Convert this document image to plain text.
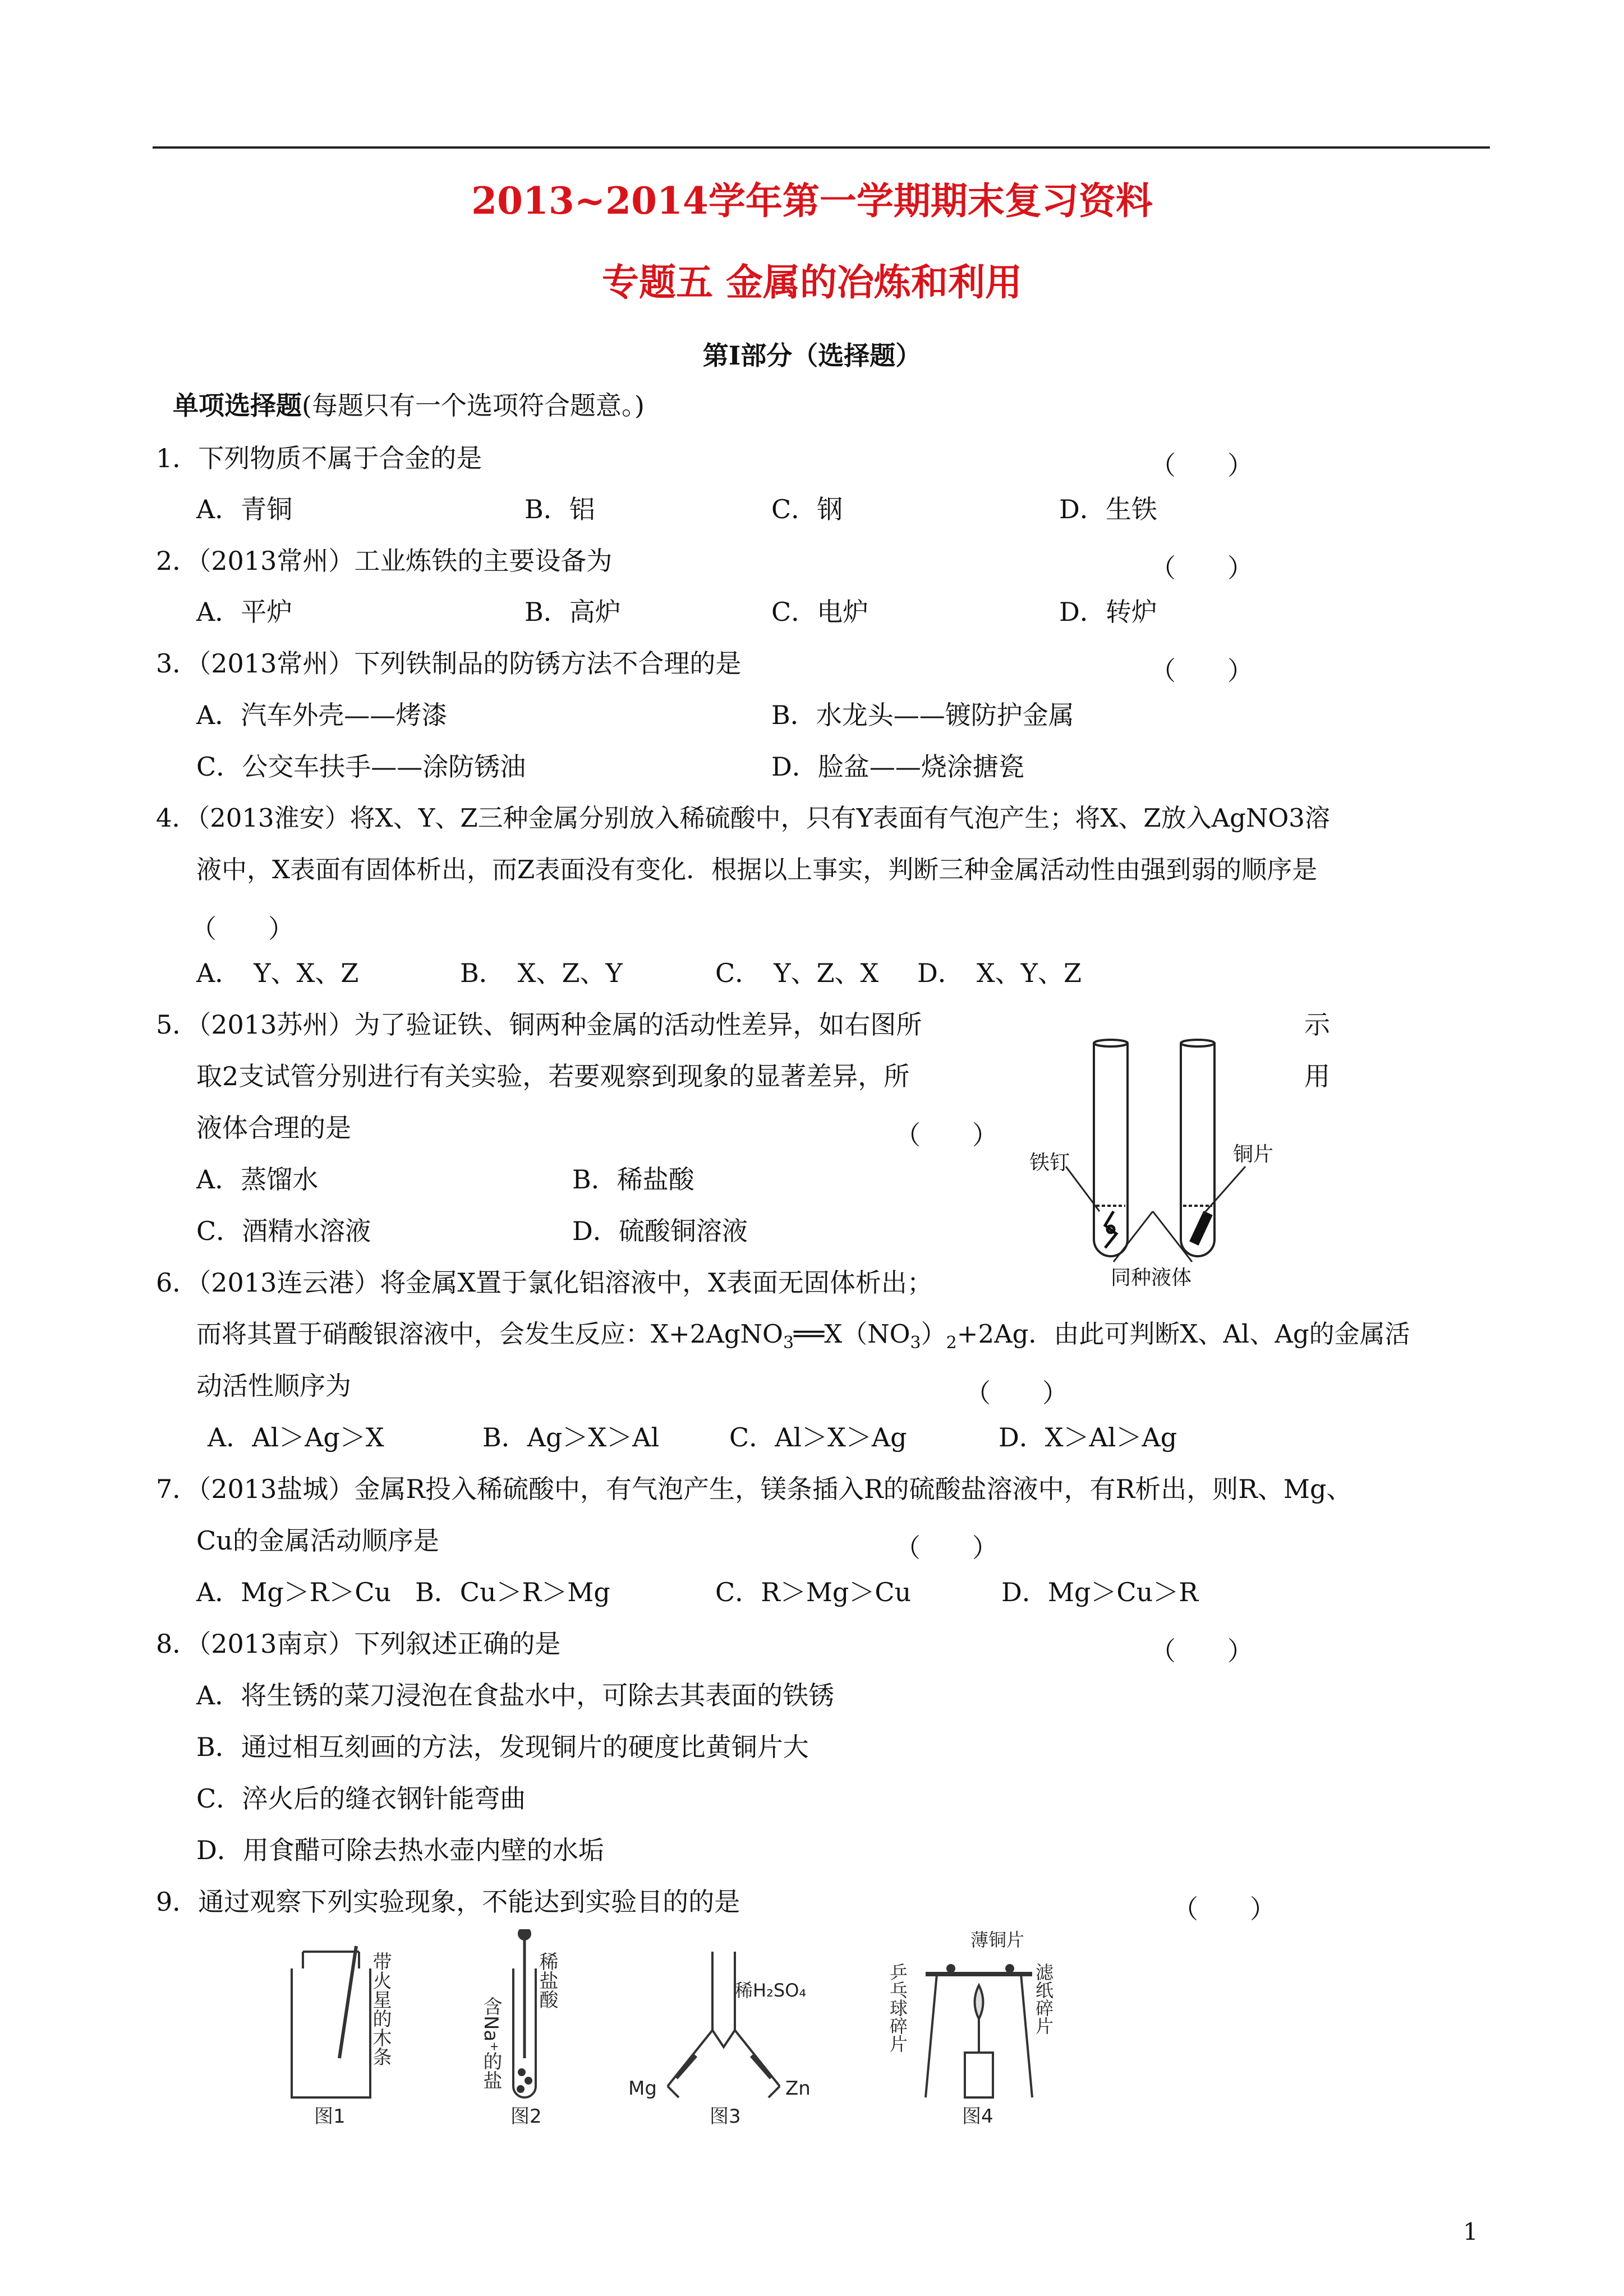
2013~2014学年第一学期期末复习资料
专题五 金属的冶炼和利用
第Ⅰ部分（选择题）
单项选择题(每题只有一个选项符合题意。)
1．下列物质不属于合金的是	（　　）
A．青铜	B．铝	C．钢	D．生铁
2．（2013常州）工业炼铁的主要设备为	（　　）
A．平炉	B．高炉	C．电炉	D．转炉
3．（2013常州）下列铁制品的防锈方法不合理的是	（　　）
A．汽车外壳——烤漆	B．水龙头——镀防护金属
C．公交车扶手——涂防锈油	D．脸盆——烧涂搪瓷
4．（2013淮安）将X、Y、Z三种金属分别放入稀硫酸中，只有Y表面有气泡产生；将X、Z放入AgNO3溶
液中，X表面有固体析出，而Z表面没有变化．根据以上事实，判断三种金属活动性由强到弱的顺序是
（　　）
A．　Y、X、Z	B．　X、Z、Y	C．　Y、Z、X D．　X、Y、Z
5．（2013苏州）为了验证铁、铜两种金属的活动性差异，如右图所	示
取2支试管分别进行有关实验，若要观察到现象的显著差异，所	用
液体合理的是	（　　）
A．蒸馏水	B．稀盐酸
C．酒精水溶液	D．硫酸铜溶液
铁钉	铜片
同种液体
6．（2013连云港）将金属X置于氯化铝溶液中，X表面无固体析出；
而将其置于硝酸银溶液中，会发生反应：$X+2AgNO_3══X(NO_3)_2+2Ag$．由此可判断X、Al、Ag的金属活
动活性顺序为	（　　）
A．Al＞Ag＞X	B．Ag＞X＞Al	C．Al＞X＞Ag	D．X＞Al＞Ag
7．（2013盐城）金属R投入稀硫酸中，有气泡产生，镁条插入R的硫酸盐溶液中，有R析出，则R、Mg、
Cu的金属活动顺序是	（　　）
A．Mg＞R＞Cu B．Cu＞R＞Mg	C．R＞Mg＞Cu	D．Mg＞Cu＞R
8．（2013南京）下列叙述正确的是	（　　）
A．将生锈的菜刀浸泡在食盐水中，可除去其表面的铁锈
B．通过相互刻画的方法，发现铜片的硬度比黄铜片大
C．淬火后的缝衣钢针能弯曲
D．用食醋可除去热水壶内壁的水垢
9．通过观察下列实验现象，不能达到实验目的的是	（　　）
带火星的木条
图1
稀盐酸
含Na⁺的盐
图2
稀H₂SO₄
Mg	Zn
图3
薄铜片
乒乓球碎片	滤纸碎片
图4
1
